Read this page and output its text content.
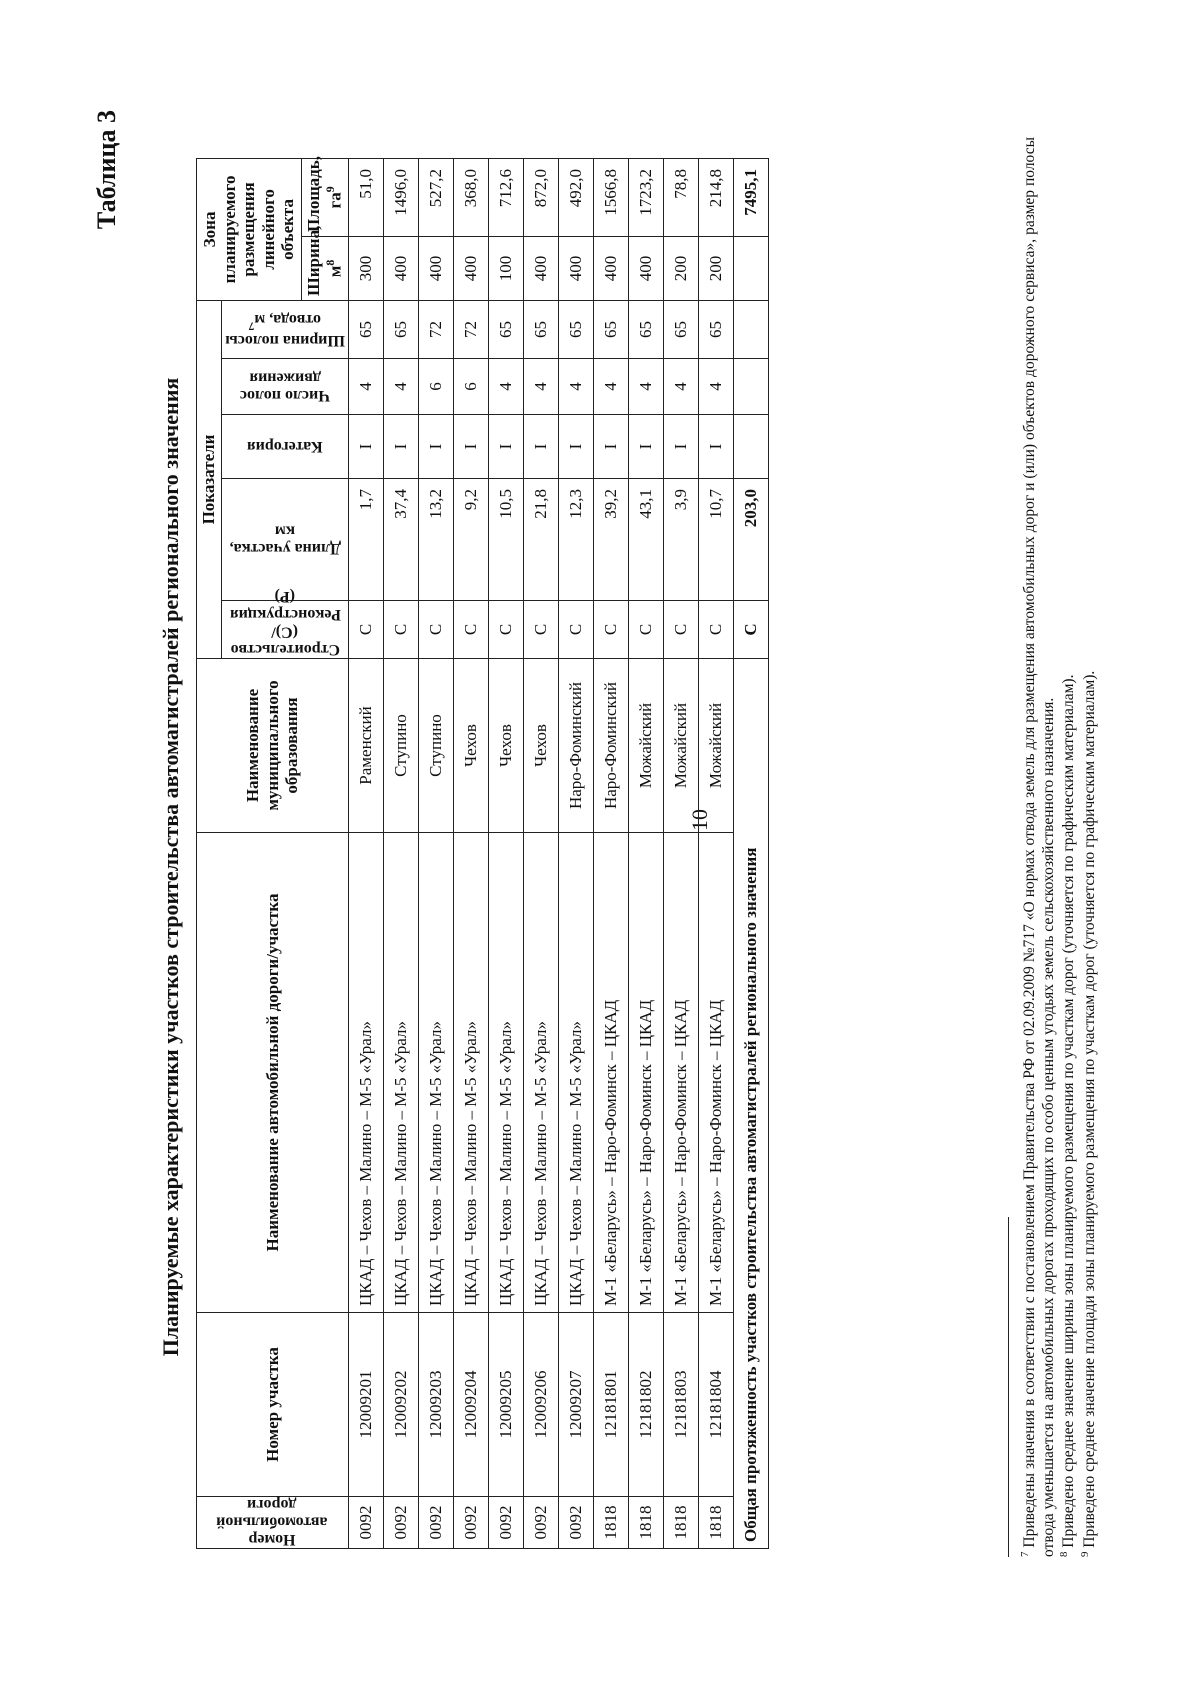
10
Таблица 3
Планируемые характеристики участков строительства автомагистралей регионального значения
Номер автомобильной дороги	Номер участка	Наименование автомобильной дороги/участка	Наименование муниципального образования	Показатели					Зона планируемого размещения линейного объекта	

				Строительство (С)/ Реконструкция (Р)	Длина участка, км	Категория	Число полос движения	Ширина полосы отвода, $м^7$

									Ширина, $м^8$	Площадь, $га^9$
0092	12009201	ЦКАД – Чехов – Малино – М-5 «Урал»	Раменский	С	1,7	I	4	65	300	51,0
0092	12009202	ЦКАД – Чехов – Малино – М-5 «Урал»	Ступино	С	37,4	I	4	65	400	1496,0
0092	12009203	ЦКАД – Чехов – Малино – М-5 «Урал»	Ступино	С	13,2	I	6	72	400	527,2
0092	12009204	ЦКАД – Чехов – Малино – М-5 «Урал»	Чехов	С	9,2	I	6	72	400	368,0
0092	12009205	ЦКАД – Чехов – Малино – М-5 «Урал»	Чехов	С	10,5	I	4	65	100	712,6
0092	12009206	ЦКАД – Чехов – Малино – М-5 «Урал»	Чехов	С	21,8	I	4	65	400	872,0
0092	12009207	ЦКАД – Чехов – Малино – М-5 «Урал»	Наро-Фоминский	С	12,3	I	4	65	400	492,0
1818	12181801	М-1 «Беларусь» – Наро-Фоминск – ЦКАД	Наро-Фоминский	С	39,2	I	4	65	400	1566,8
1818	12181802	М-1 «Беларусь» – Наро-Фоминск – ЦКАД	Можайский	С	43,1	I	4	65	400	1723,2
1818	12181803	М-1 «Беларусь» – Наро-Фоминск – ЦКАД	Можайский	С	3,9	I	4	65	200	78,8
1818	12181804	М-1 «Беларусь» – Наро-Фоминск – ЦКАД	Можайский	С	10,7	I	4	65	200	214,8
Общая протяженность участков строительства автомагистралей регионального значения				С	203,0					7495,1

$^7$ Приведены значения в соответствии с постановлением Правительства РФ от 02.09.2009 №717 «О нормах отвода земель для размещения автомобильных дорог и (или) объектов дорожного сервиса», размер полосы отвода уменьшается на автомобильных дорогах проходящих по особо ценным угодьях земель сельскохозяйственного назначения. $^8$ Приведено среднее значение ширины зоны планируемого размещения по участкам дорог (уточняется по графическим материалам).

$^9$ Приведено среднее значение площади зоны планируемого размещения по участкам дорог (уточняется по графическим материалам).
